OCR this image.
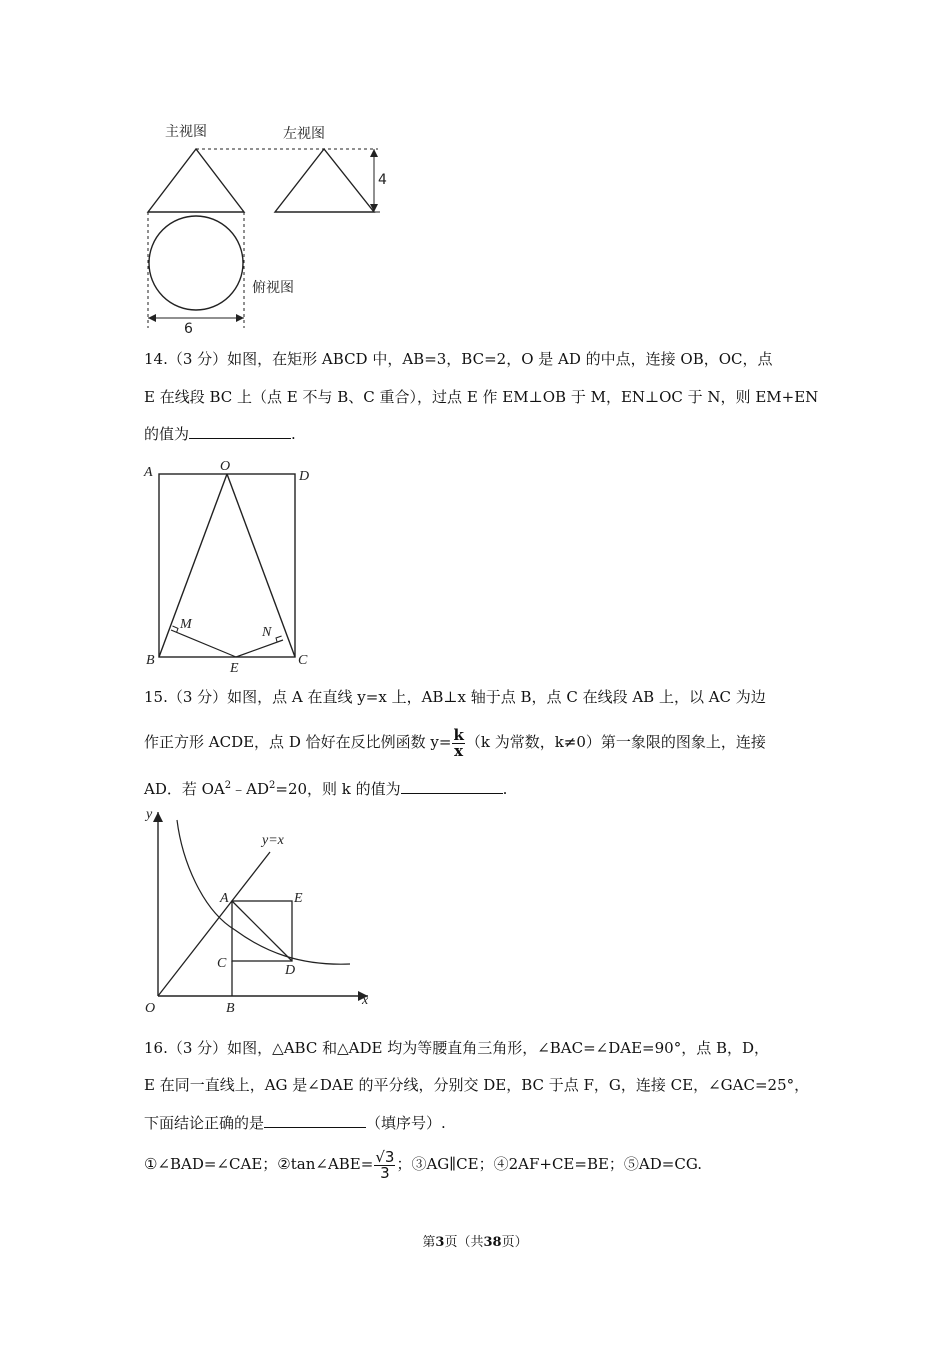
4
6
主视图	左视图
俯视图
14.（3 分）如图，在矩形 ABCD 中，AB=3，BC=2，O 是 AD 的中点，连接 OB，OC，点
E 在线段 BC 上（点 E 不与 B、C 重合），过点 E 作 EM⊥OB 于 M，EN⊥OC 于 N，则 EM+EN
的值为	.
A	O
D
M
N
B
E
C
15.（3 分）如图，点 A 在直线 y=x 上，AB⊥x 轴于点 B，点 C 在线段 AB 上，以 AC 为边
作正方形 ACDE，点 D 恰好在反比例函数 $y= \frac{k}{x} (k$ 为常数，k≠0）第一象限的图象上，连接
AD．若 $OA^2﹣AD^2=20$，则 k 的值为	.
y
x
y=x
A	E
C	D
O	B
16.（3 分）如图，△ABC 和△ADE 均为等腰直角三角形，∠BAC=∠DAE=90°，点 B，D，
E 在同一直线上，AG 是∠DAE 的平分线，分别交 DE，BC 于点 F，G，连接 CE，∠GAC=25°，
下面结论正确的是	（填序号）.
①∠BAD=∠CAE；②tan∠ABE= $\frac{√3}{3}$ ；③AG∥CE；④2AF+CE=BE；⑤AD=CG.
第3页（共38页）
